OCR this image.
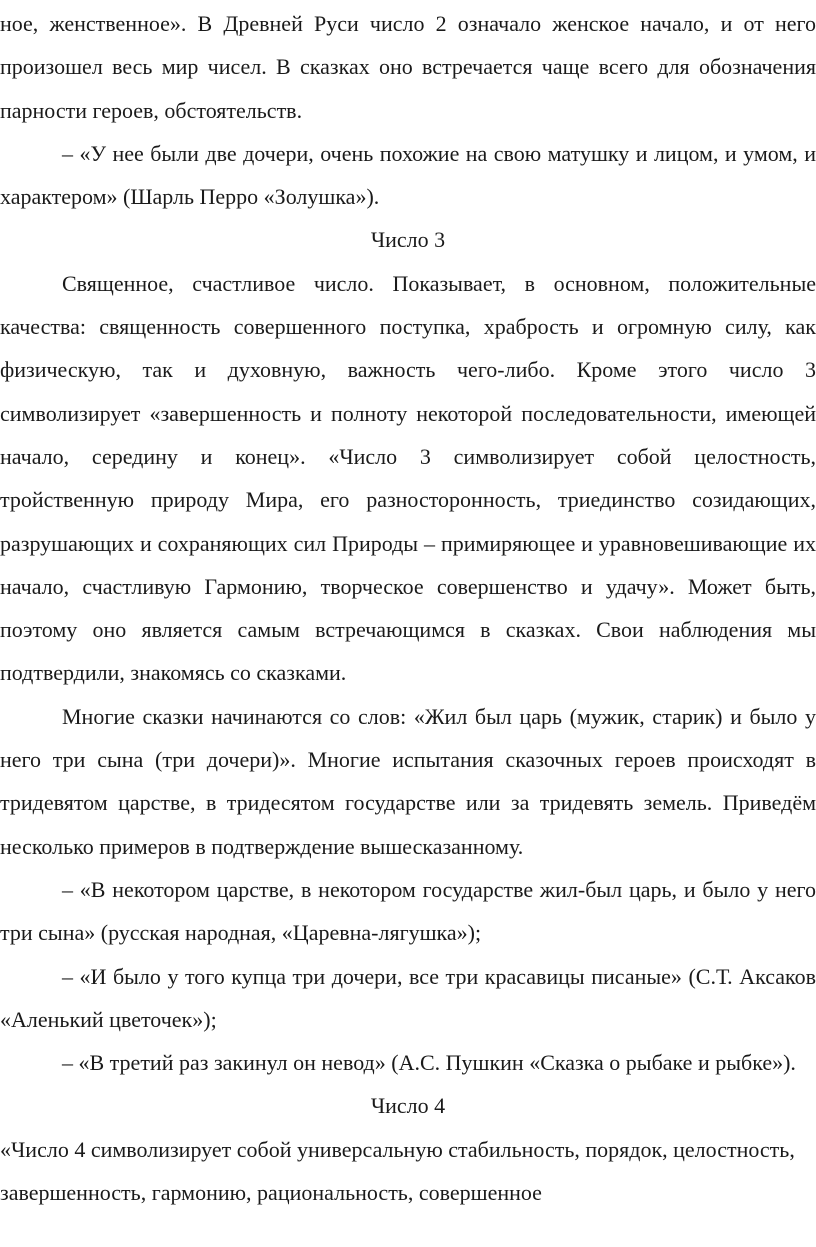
ное, женственное». В Древней Руси число 2 означало женское начало, и от него произошел весь мир чисел. В сказках оно встречается чаще всего для обозначения парности героев, обстоятельств.

– «У нее были две дочери, очень похожие на свою матушку и лицом, и умом, и характером» (Шарль Перро «Золушка»).

Число 3

Священное, счастливое число. Показывает, в основном, положительные качества: священность совершенного поступка, храбрость и огромную силу, как физическую, так и духовную, важность чего-либо. Кроме этого число 3 символизирует «завершенность и полноту некоторой последовательности, имеющей начало, середину и конец». «Число 3 символизирует собой целостность, тройственную природу Мира, его разносторонность, триединство созидающих, разрушающих и сохраняющих сил Природы – примиряющее и уравновешивающие их начало, счастливую Гармонию, творческое совершенство и удачу». Может быть, поэтому оно является самым встречающимся в сказках. Свои наблюдения мы подтвердили, знакомясь со сказками.

Многие сказки начинаются со слов: «Жил был царь (мужик, старик) и было у него три сына (три дочери)». Многие испытания сказочных героев происходят в тридевятом царстве, в тридесятом государстве или за тридевять земель. Приведём несколько примеров в подтверждение вышесказанному.

– «В некотором царстве, в некотором государстве жил-был царь, и было у него три сына» (русская народная, «Царевна-лягушка»);

– «И было у того купца три дочери, все три красавицы писаные» (С.Т. Аксаков «Аленький цветочек»);

– «В третий раз закинул он невод» (А.С. Пушкин «Сказка о рыбаке и рыбке»).

Число 4

«Число 4 символизирует собой универсальную стабильность, порядок, целостность, завершенность, гармонию, рациональность, совершенное
